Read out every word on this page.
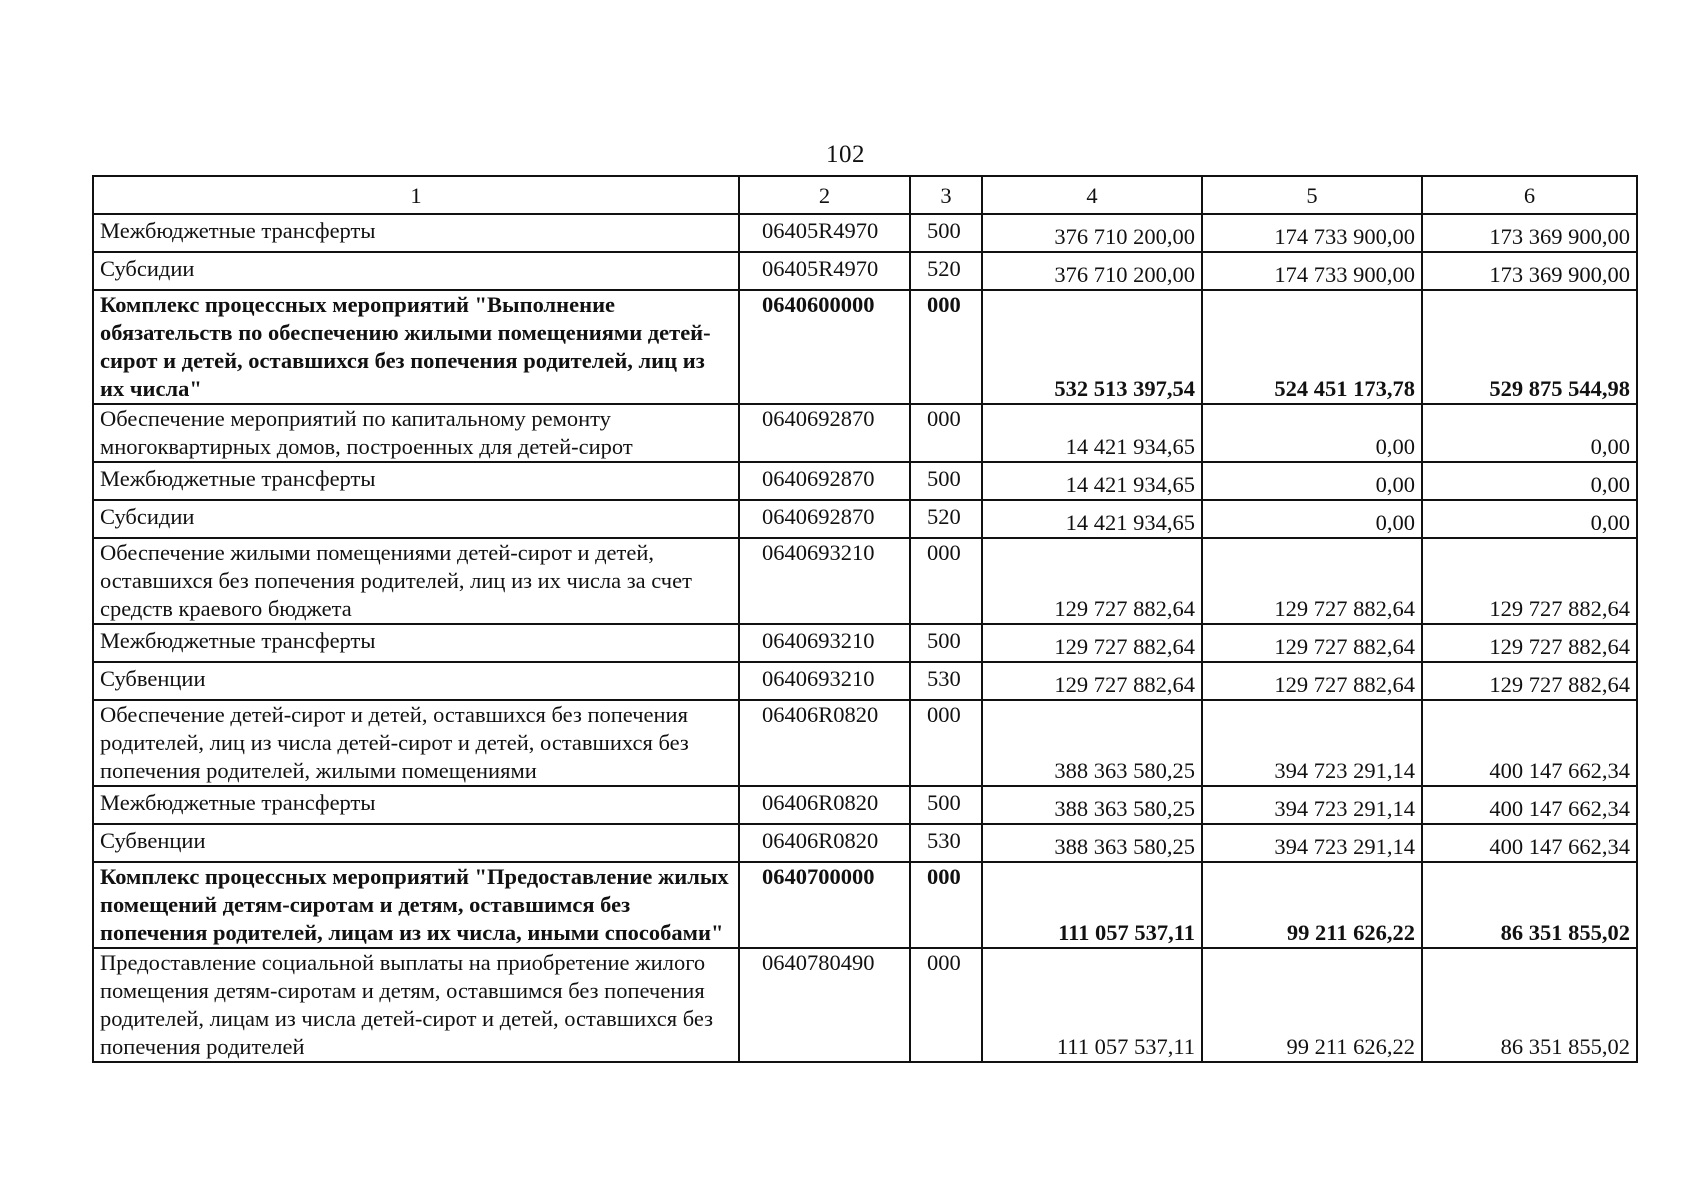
102
1	2	3	4	5	6
Межбюджетные трансферты	06405R4970	500	376 710 200,00	174 733 900,00	173 369 900,00
Субсидии	06405R4970	520	376 710 200,00	174 733 900,00	173 369 900,00
Комплекс процессных мероприятий "Выполнение обязательств по обеспечению жилыми помещениями детей-сирот и детей, оставшихся без попечения родителей, лиц из их числа"	0640600000	000	532 513 397,54	524 451 173,78	529 875 544,98
Обеспечение мероприятий по капитальному ремонту многоквартирных домов, построенных для детей-сирот	0640692870	000	14 421 934,65	0,00	0,00
Межбюджетные трансферты	0640692870	500	14 421 934,65	0,00	0,00
Субсидии	0640692870	520	14 421 934,65	0,00	0,00
Обеспечение жилыми помещениями детей-сирот и детей, оставшихся без попечения родителей, лиц из их числа за счет средств краевого бюджета	0640693210	000	129 727 882,64	129 727 882,64	129 727 882,64
Межбюджетные трансферты	0640693210	500	129 727 882,64	129 727 882,64	129 727 882,64
Субвенции	0640693210	530	129 727 882,64	129 727 882,64	129 727 882,64
Обеспечение детей-сирот и детей, оставшихся без попечения родителей, лиц из числа детей-сирот и детей, оставшихся без попечения родителей, жилыми помещениями	06406R0820	000	388 363 580,25	394 723 291,14	400 147 662,34
Межбюджетные трансферты	06406R0820	500	388 363 580,25	394 723 291,14	400 147 662,34
Субвенции	06406R0820	530	388 363 580,25	394 723 291,14	400 147 662,34
Комплекс процессных мероприятий "Предоставление жилых помещений детям-сиротам и детям, оставшимся без попечения родителей, лицам из их числа, иными способами"	0640700000	000	111 057 537,11	99 211 626,22	86 351 855,02
Предоставление социальной выплаты на приобретение жилого помещения детям-сиротам и детям, оставшимся без попечения родителей, лицам из числа детей-сирот и детей, оставшихся без попечения родителей	0640780490	000	111 057 537,11	99 211 626,22	86 351 855,02
